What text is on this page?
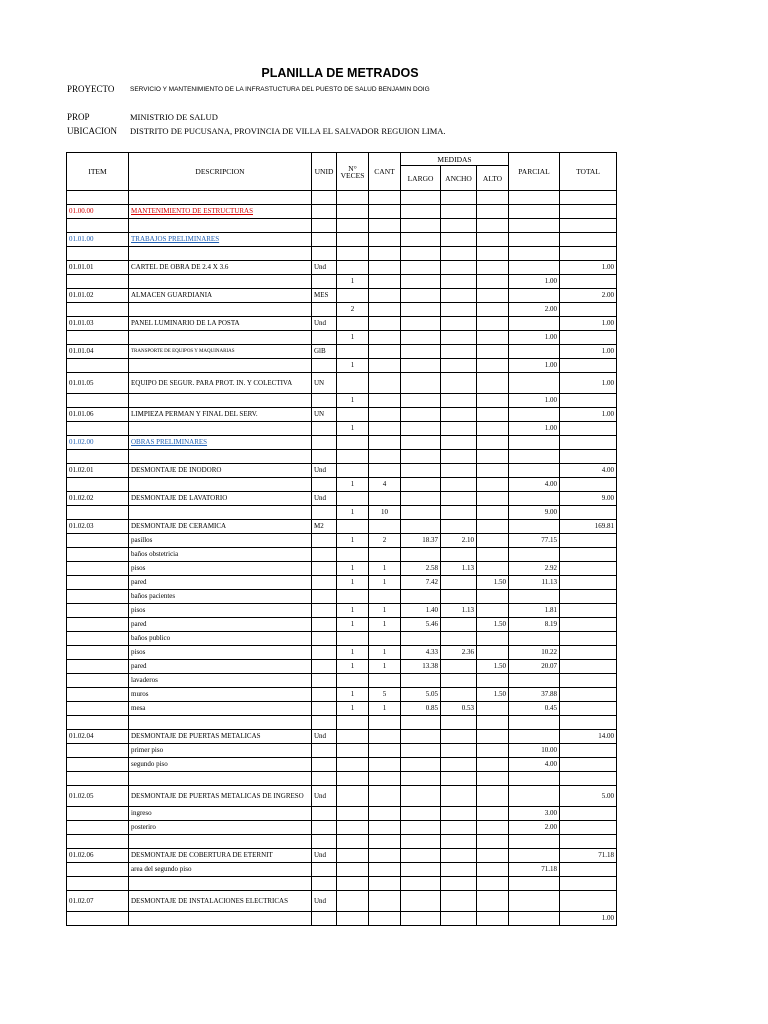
PLANILLA DE METRADOS
PROYECTO SERVICIO Y MANTENIMIENTO DE LA INFRASTUCTURA DEL PUESTO DE SALUD BENJAMIN DOIG
PROP	MINISTRIO DE SALUD
UBICACION DISTRITO DE PUCUSANA, PROVINCIA DE VILLA EL SALVADOR REGUION LIMA.
ITEM	DESCRIPCION	UNID	N° VECES	CANT	MEDIDAS			PARCIAL	TOTAL
					LARGO	ANCHO	ALTO		

01.00.00	MANTENIMIENTO DE ESTRUCTURAS								

01.01.00	TRABAJOS PRELIMINARES								

01.01.01	CARTEL DE OBRA DE 2.4 X 3.6	Und							1.00
			1					1.00	
01.01.02	ALMACEN GUARDIANIA	MES							2.00
			2					2.00	
01.01.03	PANEL LUMINARIO DE LA POSTA	Und							1.00
			1					1.00	
01.01.04	TRANSPORTE DE EQUIPOS Y MAQUINARIAS	GlB							1.00
			1					1.00	
01.01.05	EQUIPO DE SEGUR. PARA PROT. IN. Y COLECTIVA	UN							1.00
			1					1.00	
01.01.06	LIMPIEZA PERMAN Y FINAL DEL SERV.	UN							1.00
			1					1.00	
01.02.00	OBRAS PRELIMINARES								

01.02.01	DESMONTAJE DE INODORO	Und							4.00
			1	4				4.00	
01.02.02	DESMONTAJE DE LAVATORIO	Und							9.00
			1	10				9.00	
01.02.03	DESMONTAJE DE CERAMICA	M2							169.81
	pasillos		1	2	18.37	2.10		77.15	
	baños obstetricia								
	pisos		1	1	2.58	1.13		2.92	
	pared		1	1	7.42		1.50	11.13	
	baños pacientes								
	pisos		1	1	1.40	1.13		1.81	
	pared		1	1	5.46		1.50	8.19	
	baños publico								
	pisos		1	1	4.33	2.36		10.22	
	pared		1	1	13.38		1.50	20.07	
	lavaderos								
	muros		1	5	5.05		1.50	37.88	
	mesa		1	1	0.85	0.53		0.45	

01.02.04	DESMONTAJE DE PUERTAS METALICAS	Und							14.00
	primer piso							10.00	
	segundo piso							4.00	

01.02.05	DESMONTAJE DE PUERTAS METALICAS DE INGRESO	Und							5.00
	ingreso							3.00	
	posteriro							2.00	

01.02.06	DESMONTAJE DE COBERTURA DE ETERNIT	Und							71.18
	area del segundo piso							71.18	

01.02.07	DESMONTAJE DE INSTALACIONES ELECTRICAS	Und							
									1.00
